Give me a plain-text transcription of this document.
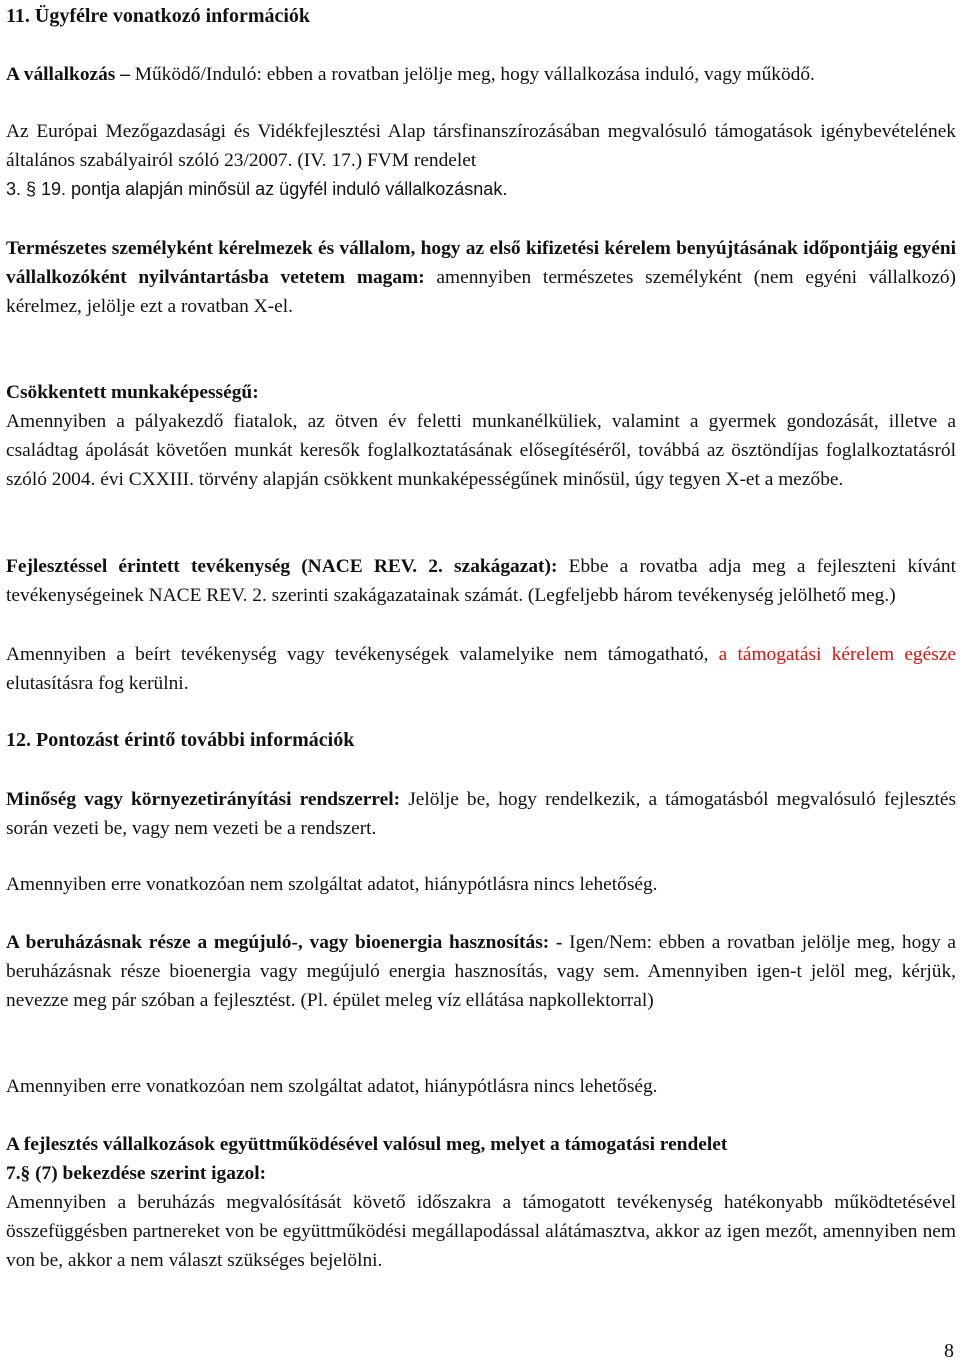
11. Ügyfélre vonatkozó információk
A vállalkozás – Működő/Induló: ebben a rovatban jelölje meg, hogy vállalkozása induló, vagy működő.
Az Európai Mezőgazdasági és Vidékfejlesztési Alap társfinanszírozásában megvalósuló támogatások igénybevételének általános szabályairól szóló 23/2007. (IV. 17.) FVM rendelet
3. § 19. pontja alapján minősül az ügyfél induló vállalkozásnak.
Természetes személyként kérelmezek és vállalom, hogy az első kifizetési kérelem benyújtásának időpontjáig egyéni vállalkozóként nyilvántartásba vetetem magam: amennyiben természetes személyként (nem egyéni vállalkozó) kérelmez, jelölje ezt a rovatban X-el.
Csökkentett munkaképességű:
Amennyiben a pályakezdő fiatalok, az ötven év feletti munkanélküliek, valamint a gyermek gondozását, illetve a családtag ápolását követően munkát keresők foglalkoztatásának elősegítéséről, továbbá az ösztöndíjas foglalkoztatásról szóló 2004. évi CXXIII. törvény alapján csökkent munkaképességűnek minősül, úgy tegyen X-et a mezőbe.
Fejlesztéssel érintett tevékenység (NACE REV. 2. szakágazat): Ebbe a rovatba adja meg a fejleszteni kívánt tevékenységeinek NACE REV. 2. szerinti szakágazatainak számát. (Legfeljebb három tevékenység jelölhető meg.)
Amennyiben a beírt tevékenység vagy tevékenységek valamelyike nem támogatható, a támogatási kérelem egésze elutasításra fog kerülni.
12. Pontozást érintő további információk
Minőség vagy környezetirányítási rendszerrel: Jelölje be, hogy rendelkezik, a támogatásból megvalósuló fejlesztés során vezeti be, vagy nem vezeti be a rendszert.
Amennyiben erre vonatkozóan nem szolgáltat adatot, hiánypótlásra nincs lehetőség.
A beruházásnak része a megújuló-, vagy bioenergia hasznosítás: - Igen/Nem: ebben a rovatban jelölje meg, hogy a beruházásnak része bioenergia vagy megújuló energia hasznosítás, vagy sem. Amennyiben igen-t jelöl meg, kérjük, nevezze meg pár szóban a fejlesztést. (Pl. épület meleg víz ellátása napkollektorral)
Amennyiben erre vonatkozóan nem szolgáltat adatot, hiánypótlásra nincs lehetőség.
A fejlesztés vállalkozások együttműködésével valósul meg, melyet a támogatási rendelet
7.§ (7) bekezdése szerint igazol:
Amennyiben a beruházás megvalósítását követő időszakra a támogatott tevékenység hatékonyabb működtetésével összefüggésben partnereket von be együttműködési megállapodással alátámasztva, akkor az igen mezőt, amennyiben nem von be, akkor a nem választ szükséges bejelölni.
8
